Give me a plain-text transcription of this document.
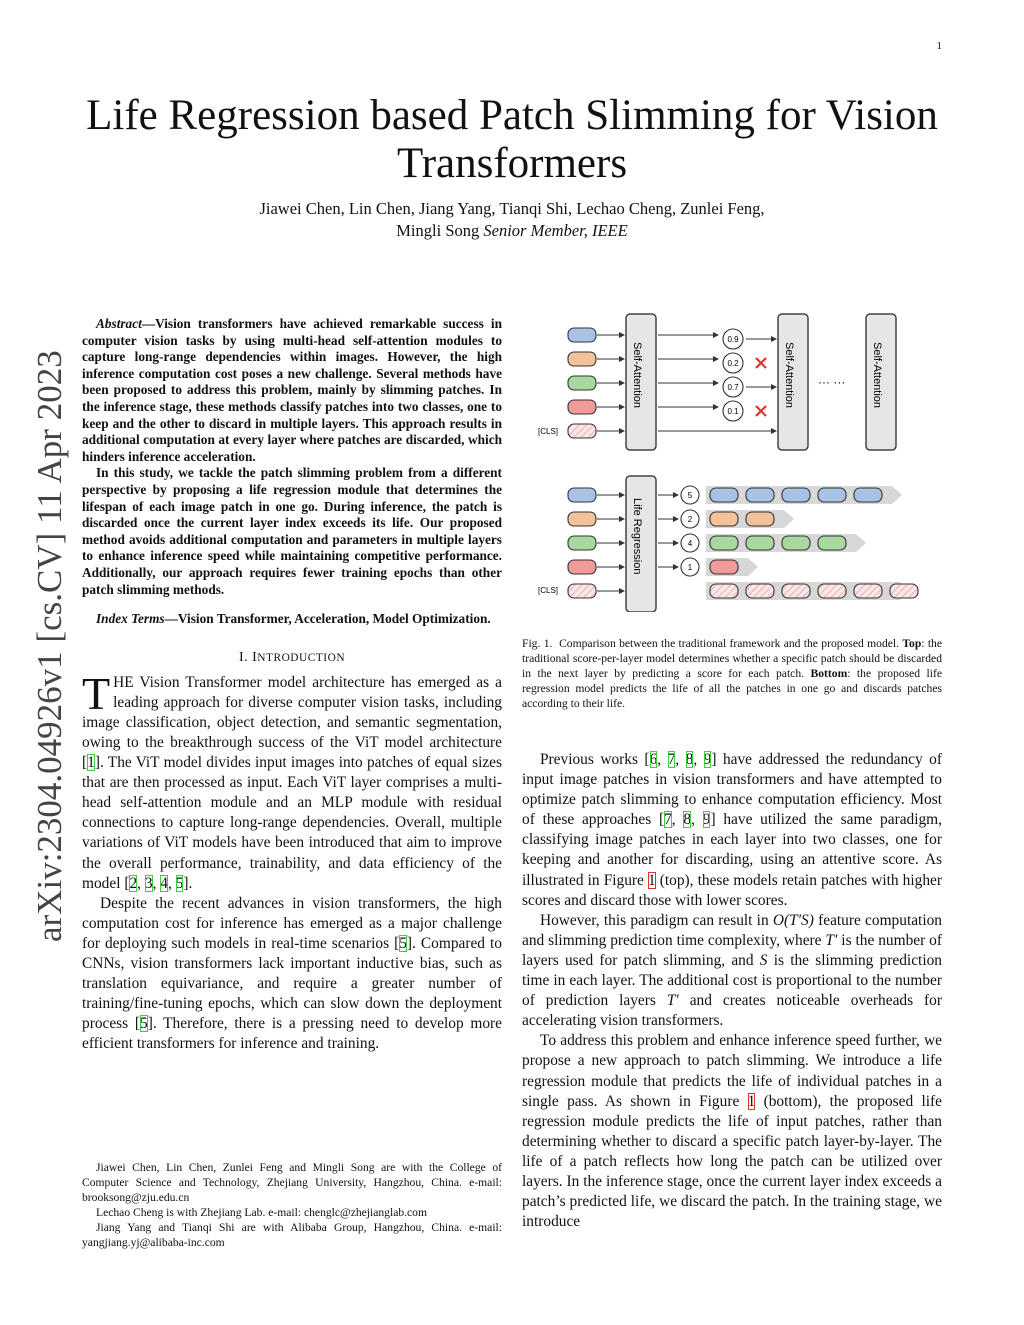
1
arXiv:2304.04926v1 [cs.CV] 11 Apr 2023
Life Regression based Patch Slimming for Vision
Transformers
Jiawei Chen, Lin Chen, Jiang Yang, Tianqi Shi, Lechao Cheng, Zunlei Feng,
Mingli Song Senior Member, IEEE

Abstract—Vision transformers have achieved remarkable success in computer vision tasks by using multi-head self-attention modules to capture long-range dependencies within images. However, the high inference computation cost poses a new challenge. Several methods have been proposed to address this problem, mainly by slimming patches. In the inference stage, these methods classify patches into two classes, one to keep and the other to discard in multiple layers. This approach results in additional computation at every layer where patches are discarded, which hinders inference acceleration.

In this study, we tackle the patch slimming problem from a different perspective by proposing a life regression module that determines the lifespan of each image patch in one go. During inference, the patch is discarded once the current layer index exceeds its life. Our proposed method avoids additional computation and parameters in multiple layers to enhance inference speed while maintaining competitive performance. Additionally, our approach requires fewer training epochs than other patch slimming methods.

Index Terms—Vision Transformer, Acceleration, Model Optimization.

I. INTRODUCTION

THE Vision Transformer model architecture has emerged as a leading approach for diverse computer vision tasks, including image classification, object detection, and semantic segmentation, owing to the breakthrough success of the ViT model architecture [1]. The ViT model divides input images into patches of equal sizes that are then processed as input. Each ViT layer comprises a multi-head self-attention module and an MLP module with residual connections to capture long-range dependencies. Overall, multiple variations of ViT models have been introduced that aim to improve the overall performance, trainability, and data efficiency of the model [2, 3, 4, 5].

Despite the recent advances in vision transformers, the high computation cost for inference has emerged as a major challenge for deploying such models in real-time scenarios [5]. Compared to CNNs, vision transformers lack important inductive bias, such as translation equivariance, and require a greater number of training/fine-tuning epochs, which can slow down the deployment process [5]. Therefore, there is a pressing need to develop more efficient transformers for inference and training.

Jiawei Chen, Lin Chen, Zunlei Feng and Mingli Song are with the College of Computer Science and Technology, Zhejiang University, Hangzhou, China. e-mail: brooksong@zju.edu.cn

Lechao Cheng is with Zhejiang Lab. e-mail: chenglc@zhejianglab.com

Jiang Yang and Tianqi Shi are with Alibaba Group, Hangzhou, China. e-mail: yangjiang.yj@alibaba-inc.com

[CLS]
Self-Attention	Self-Attention	Self-Attention
··· ···
0.9
0.2
0.7
0.1
[CLS]
Life Regression
5
2
4
1
Fig. 1. Comparison between the traditional framework and the proposed model. Top: the traditional score-per-layer model determines whether a specific patch should be discarded in the next layer by predicting a score for each patch. Bottom: the proposed life regression model predicts the life of all the patches in one go and discards patches according to their life.

Previous works [6, 7, 8, 9] have addressed the redundancy of input image patches in vision transformers and have attempted to optimize patch slimming to enhance computation efficiency. Most of these approaches [7, 8, 9] have utilized the same paradigm, classifying image patches in each layer into two classes, one for keeping and another for discarding, using an attentive score. As illustrated in Figure 1 (top), these models retain patches with higher scores and discard those with lower scores.

However, this paradigm can result in O(T′S) feature computation and slimming prediction time complexity, where T′ is the number of layers used for patch slimming, and S is the slimming prediction time in each layer. The additional cost is proportional to the number of prediction layers T′ and creates noticeable overheads for accelerating vision transformers.

To address this problem and enhance inference speed further, we propose a new approach to patch slimming. We introduce a life regression module that predicts the life of individual patches in a single pass. As shown in Figure 1 (bottom), the proposed life regression module predicts the life of input patches, rather than determining whether to discard a specific patch layer-by-layer. The life of a patch reflects how long the patch can be utilized over layers. In the inference stage, once the current layer index exceeds a patch’s predicted life, we discard the patch. In the training stage, we introduce
